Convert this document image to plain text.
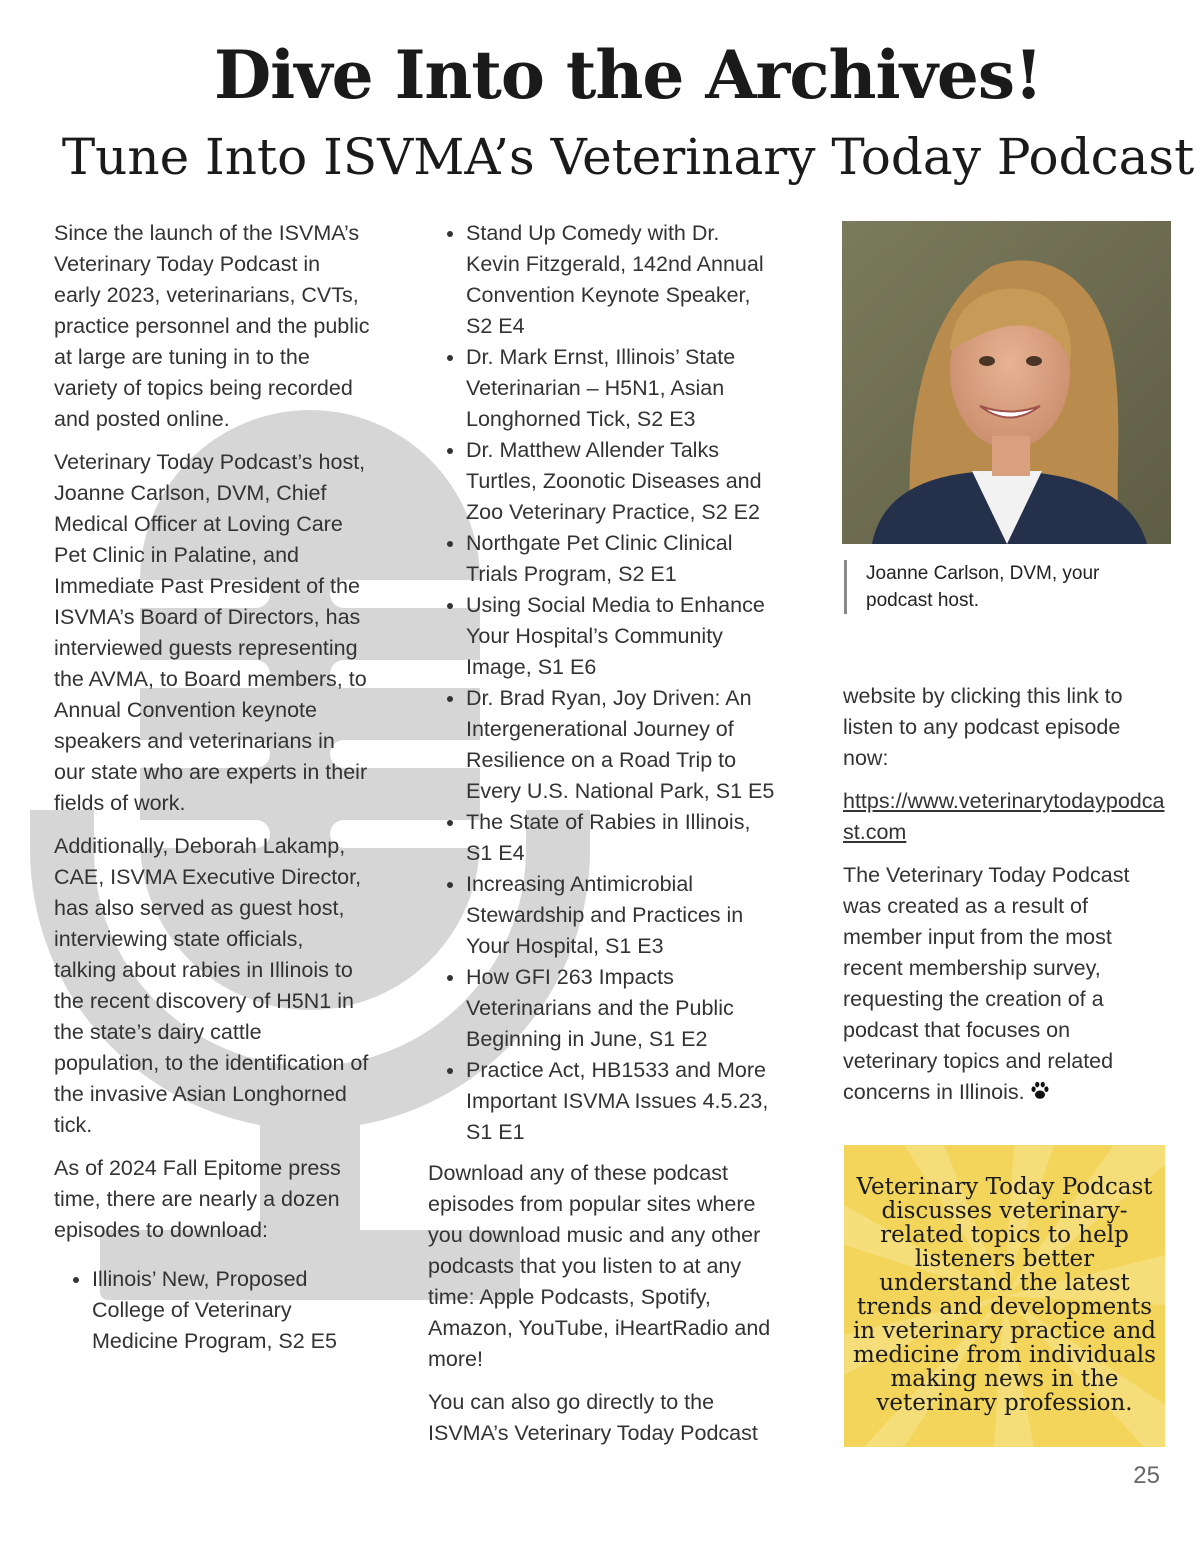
Dive Into the Archives!
Tune Into ISVMA’s Veterinary Today Podcast

Since the launch of the ISVMA’s Veterinary Today Podcast in early 2023, veterinarians, CVTs, practice personnel and the public at large are tuning in to the variety of topics being recorded and posted online.

Veterinary Today Podcast’s host, Joanne Carlson, DVM, Chief Medical Officer at Loving Care Pet Clinic in Palatine, and Immediate Past President of the ISVMA’s Board of Directors, has interviewed guests representing the AVMA, to Board members, to Annual Convention keynote speakers and veterinarians in our state who are experts in their fields of work.

Additionally, Deborah Lakamp, CAE, ISVMA Executive Director, has also served as guest host, interviewing state officials, talking about rabies in Illinois to the recent discovery of H5N1 in the state’s dairy cattle population, to the identification of the invasive Asian Longhorned tick.

As of 2024 Fall Epitome press time, there are nearly a dozen episodes to download:

• Illinois’ New, Proposed College of Veterinary Medicine Program, S2 E5
• Stand Up Comedy with Dr. Kevin Fitzgerald, 142nd Annual Convention Keynote Speaker, S2 E4
• Dr. Mark Ernst, Illinois’ State Veterinarian – H5N1, Asian Longhorned Tick, S2 E3
• Dr. Matthew Allender Talks Turtles, Zoonotic Diseases and Zoo Veterinary Practice, S2 E2
• Northgate Pet Clinic Clinical Trials Program, S2 E1
• Using Social Media to Enhance Your Hospital’s Community Image, S1 E6
• Dr. Brad Ryan, Joy Driven: An Intergenerational Journey of Resilience on a Road Trip to Every U.S. National Park, S1 E5
• The State of Rabies in Illinois, S1 E4
• Increasing Antimicrobial Stewardship and Practices in Your Hospital, S1 E3
• How GFI 263 Impacts Veterinarians and the Public Beginning in June, S1 E2
• Practice Act, HB1533 and More Important ISVMA Issues 4.5.23, S1 E1

Download any of these podcast episodes from popular sites where you download music and any other podcasts that you listen to at any time: Apple Podcasts, Spotify, Amazon, YouTube, iHeartRadio and more!

You can also go directly to the ISVMA’s Veterinary Today Podcast

Joanne Carlson, DVM, your podcast host.

website by clicking this link to listen to any podcast episode now:

https://www.veterinarytodaypodcast.com

The Veterinary Today Podcast was created as a result of member input from the most recent membership survey, requesting the creation of a podcast that focuses on veterinary topics and related concerns in Illinois.

Veterinary Today Podcast discusses veterinary-related topics to help listeners better understand the latest trends and developments in veterinary practice and medicine from individuals making news in the veterinary profession.
25
